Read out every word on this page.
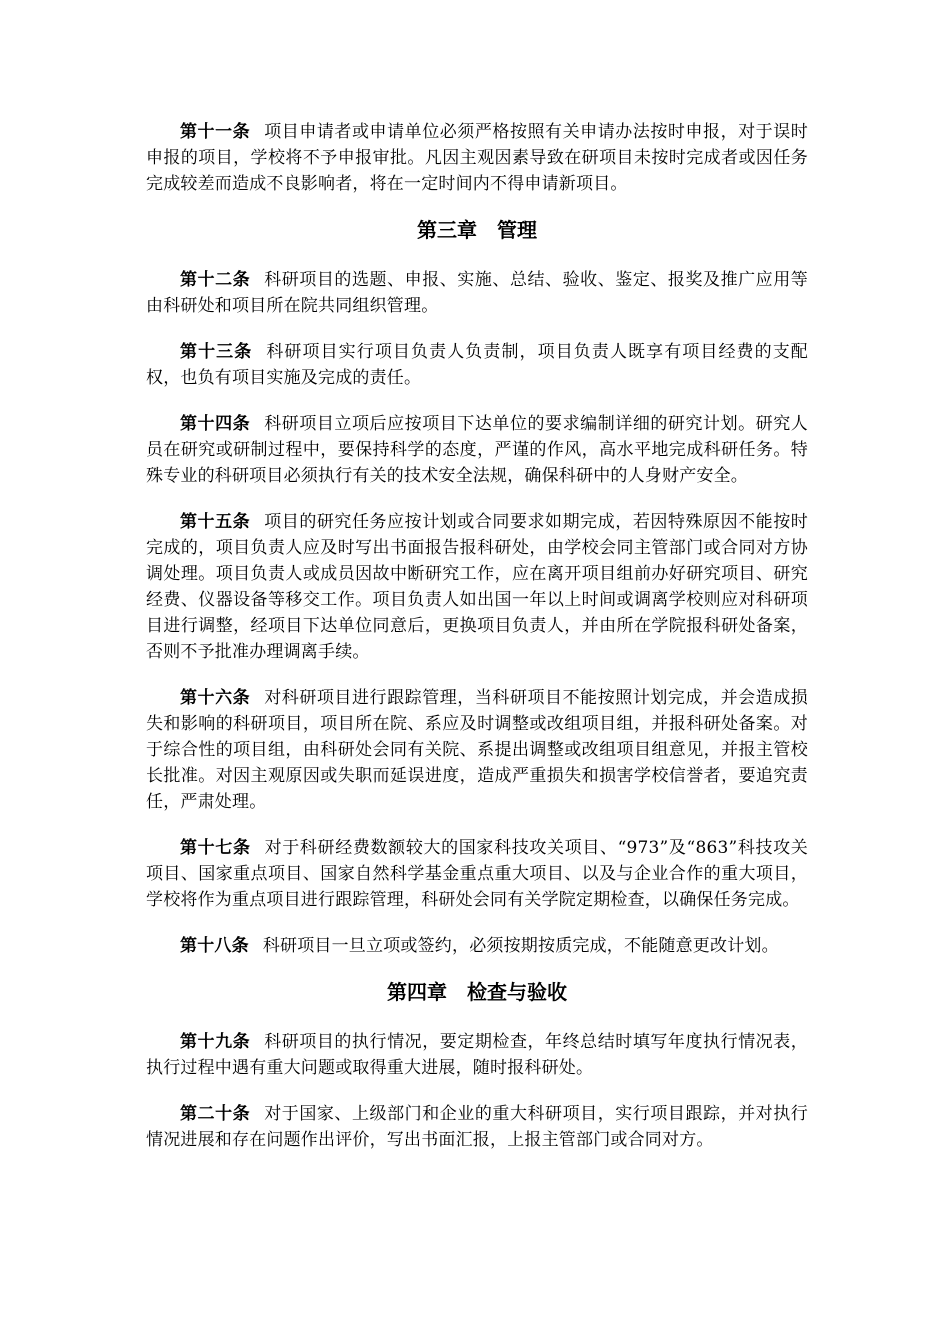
第十一条 项目申请者或申请单位必须严格按照有关申请办法按时申报，对于误时申报的项目，学校将不予申报审批。凡因主观因素导致在研项目未按时完成者或因任务完成较差而造成不良影响者，将在一定时间内不得申请新项目。

第三章　管理

第十二条 科研项目的选题、申报、实施、总结、验收、鉴定、报奖及推广应用等由科研处和项目所在院共同组织管理。

第十三条 科研项目实行项目负责人负责制，项目负责人既享有项目经费的支配权，也负有项目实施及完成的责任。

第十四条 科研项目立项后应按项目下达单位的要求编制详细的研究计划。研究人员在研究或研制过程中，要保持科学的态度，严谨的作风，高水平地完成科研任务。特殊专业的科研项目必须执行有关的技术安全法规，确保科研中的人身财产安全。

第十五条 项目的研究任务应按计划或合同要求如期完成，若因特殊原因不能按时完成的，项目负责人应及时写出书面报告报科研处，由学校会同主管部门或合同对方协调处理。项目负责人或成员因故中断研究工作，应在离开项目组前办好研究项目、研究经费、仪器设备等移交工作。项目负责人如出国一年以上时间或调离学校则应对科研项目进行调整，经项目下达单位同意后，更换项目负责人，并由所在学院报科研处备案，否则不予批准办理调离手续。

第十六条 对科研项目进行跟踪管理，当科研项目不能按照计划完成，并会造成损失和影响的科研项目，项目所在院、系应及时调整或改组项目组，并报科研处备案。对于综合性的项目组，由科研处会同有关院、系提出调整或改组项目组意见，并报主管校长批准。对因主观原因或失职而延误进度，造成严重损失和损害学校信誉者，要追究责任，严肃处理。

第十七条 对于科研经费数额较大的国家科技攻关项目、“973”及“863”科技攻关项目、国家重点项目、国家自然科学基金重点重大项目、以及与企业合作的重大项目，学校将作为重点项目进行跟踪管理，科研处会同有关学院定期检查，以确保任务完成。

第十八条 科研项目一旦立项或签约，必须按期按质完成，不能随意更改计划。

第四章　检查与验收

第十九条 科研项目的执行情况，要定期检查，年终总结时填写年度执行情况表，执行过程中遇有重大问题或取得重大进展，随时报科研处。

第二十条 对于国家、上级部门和企业的重大科研项目，实行项目跟踪，并对执行情况进展和存在问题作出评价，写出书面汇报，上报主管部门或合同对方。
